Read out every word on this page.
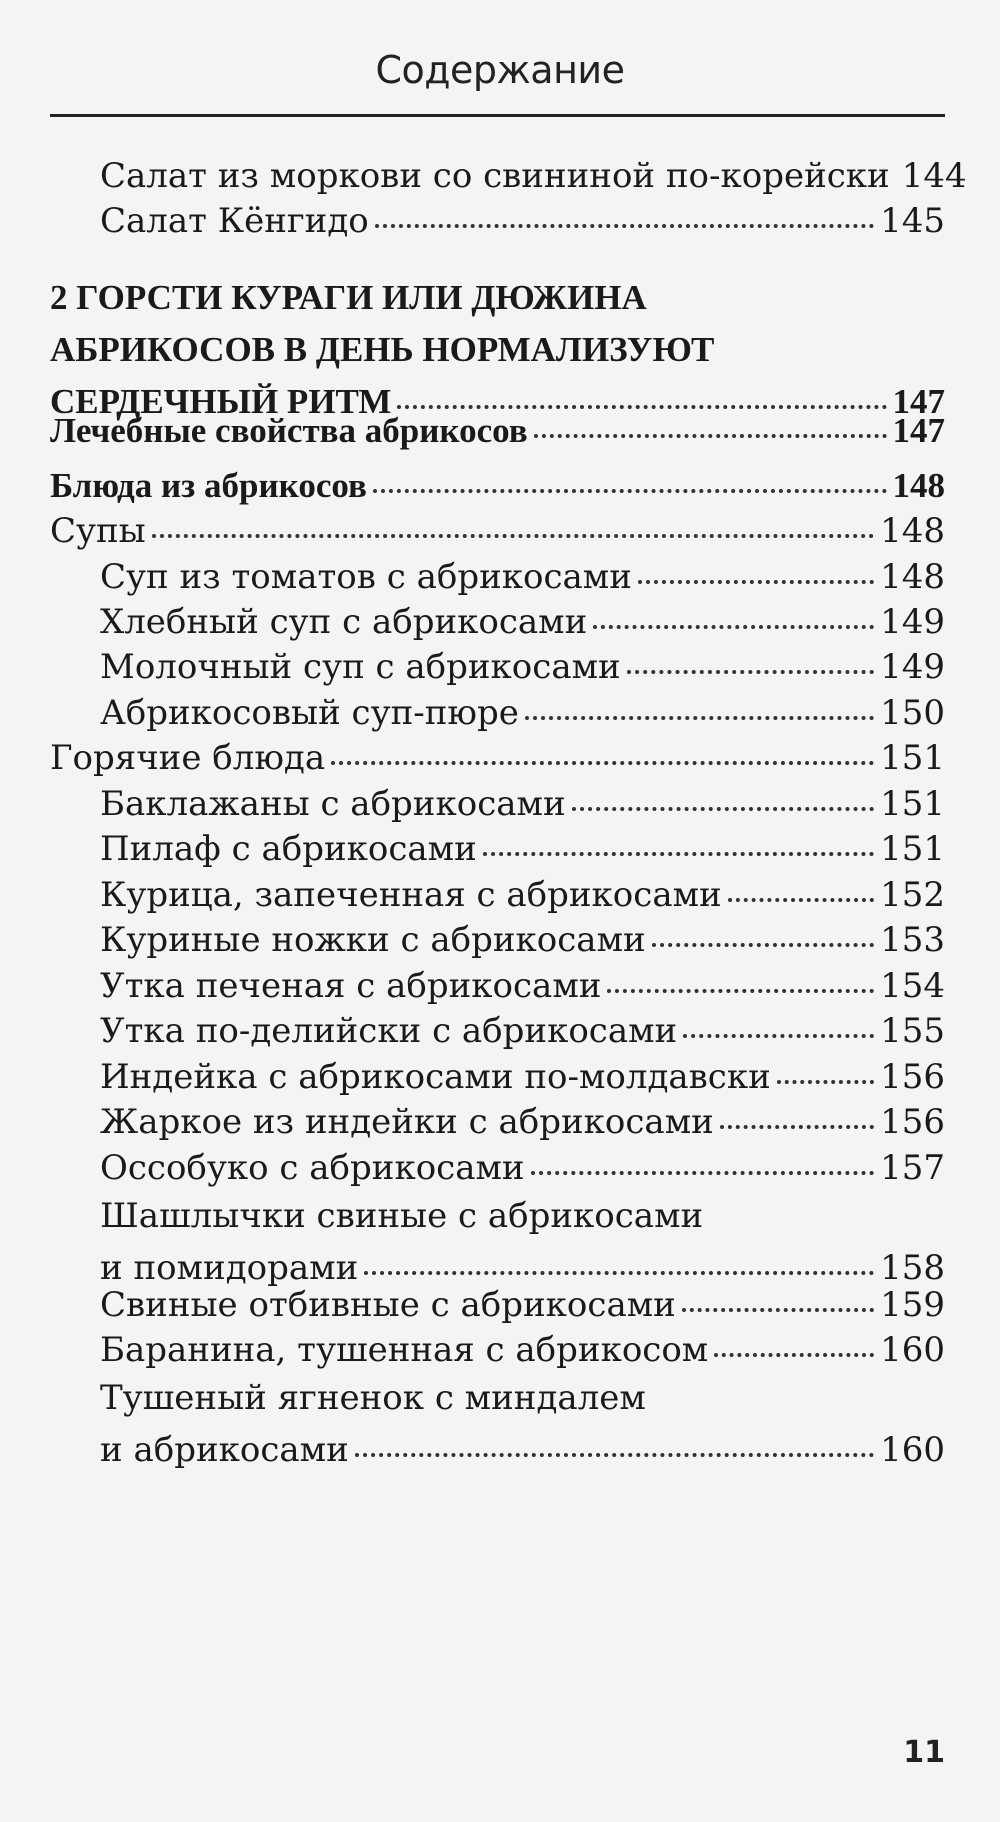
Содержание
Салат из моркови со свининой по-корейски 144
Салат Кёнгидо	145
2 ГОРСТИ КУРАГИ ИЛИ ДЮЖИНА
АБРИКОСОВ В ДЕНЬ НОРМАЛИЗУЮТ
СЕРДЕЧНЫЙ РИТМ	147
Лечебные свойства абрикосов	147
Блюда из абрикосов	148
Супы	148
Суп из томатов с абрикосами	148
Хлебный суп с абрикосами	149
Молочный суп с абрикосами	149
Абрикосовый суп-пюре	150
Горячие блюда	151
Баклажаны с абрикосами	151
Пилаф с абрикосами	151
Курица, запеченная с абрикосами	152
Куриные ножки с абрикосами	153
Утка печеная с абрикосами	154
Утка по-делийски с абрикосами	155
Индейка с абрикосами по-молдавски	156
Жаркое из индейки с абрикосами	156
Оссобуко с абрикосами	157
Шашлычки свиные с абрикосами
и помидорами	158
Свиные отбивные с абрикосами	159
Баранина, тушенная с абрикосом	160
Тушеный ягненок с миндалем
и абрикосами	160
11
